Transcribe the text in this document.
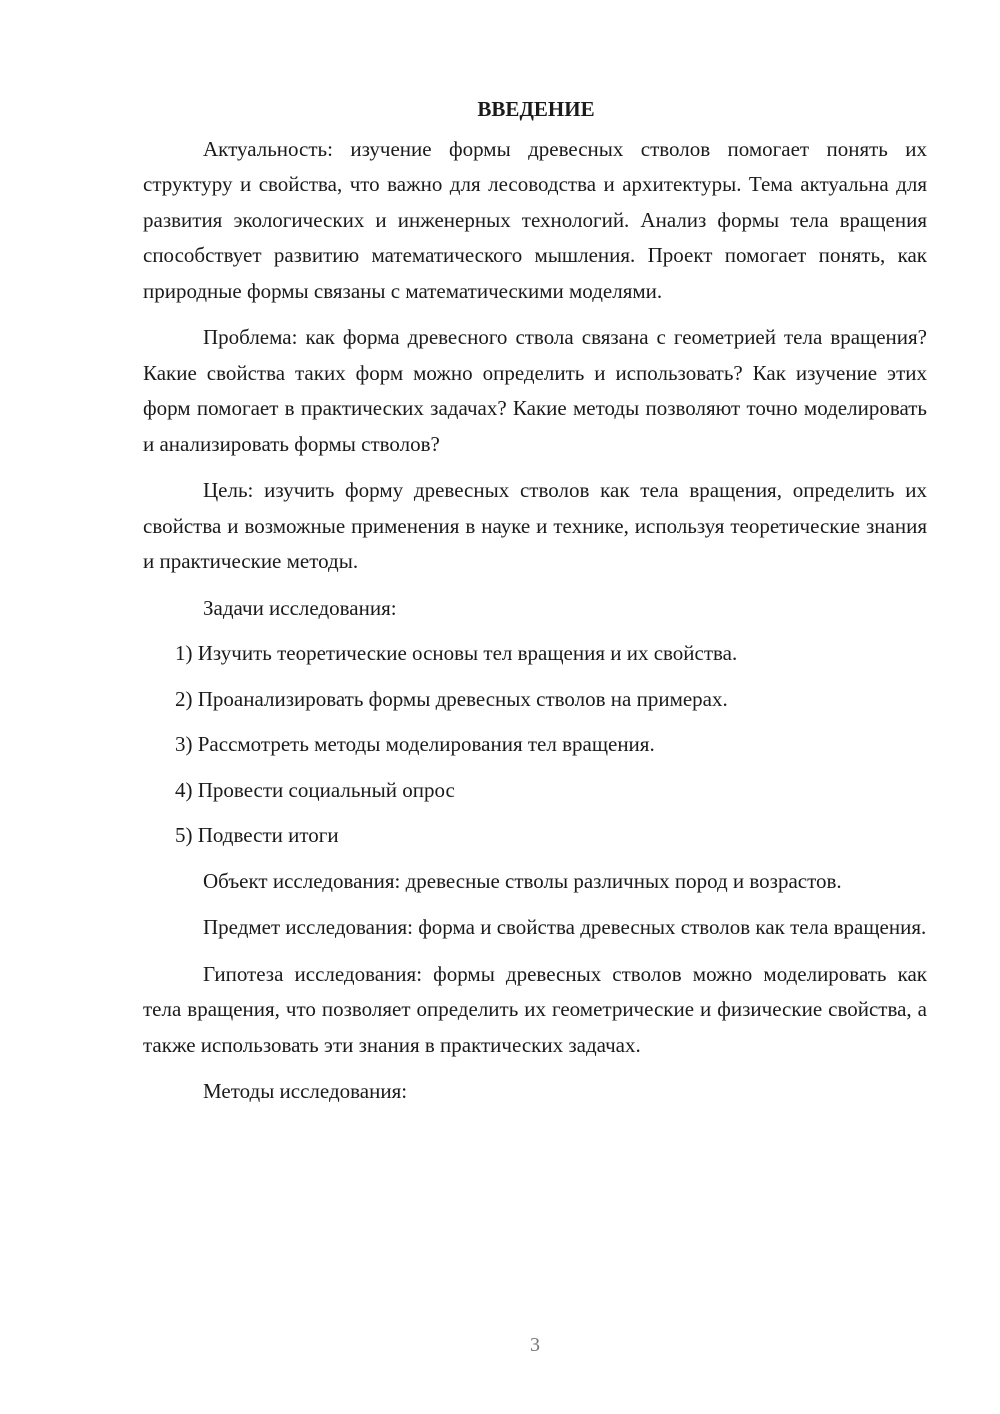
ВВЕДЕНИЕ

Актуальность: изучение формы древесных стволов помогает понять их структуру и свойства, что важно для лесоводства и архитектуры. Тема актуальна для развития экологических и инженерных технологий. Анализ формы тела вращения способствует развитию математического мышления. Проект помогает понять, как природные формы связаны с математическими моделями.

Проблема: как форма древесного ствола связана с геометрией тела вращения? Какие свойства таких форм можно определить и использовать? Как изучение этих форм помогает в практических задачах? Какие методы позволяют точно моделировать и анализировать формы стволов?

Цель: изучить форму древесных стволов как тела вращения, определить их свойства и возможные применения в науке и технике, используя теоретические знания и практические методы.

Задачи исследования:

1) Изучить теоретические основы тел вращения и их свойства.

2) Проанализировать формы древесных стволов на примерах.

3) Рассмотреть методы моделирования тел вращения.

4) Провести социальный опрос

5) Подвести итоги

Объект исследования: древесные стволы различных пород и возрастов.

Предмет исследования: форма и свойства древесных стволов как тела вращения.

Гипотеза исследования: формы древесных стволов можно моделировать как тела вращения, что позволяет определить их геометрические и физические свойства, а также использовать эти знания в практических задачах.

Методы исследования:

3
